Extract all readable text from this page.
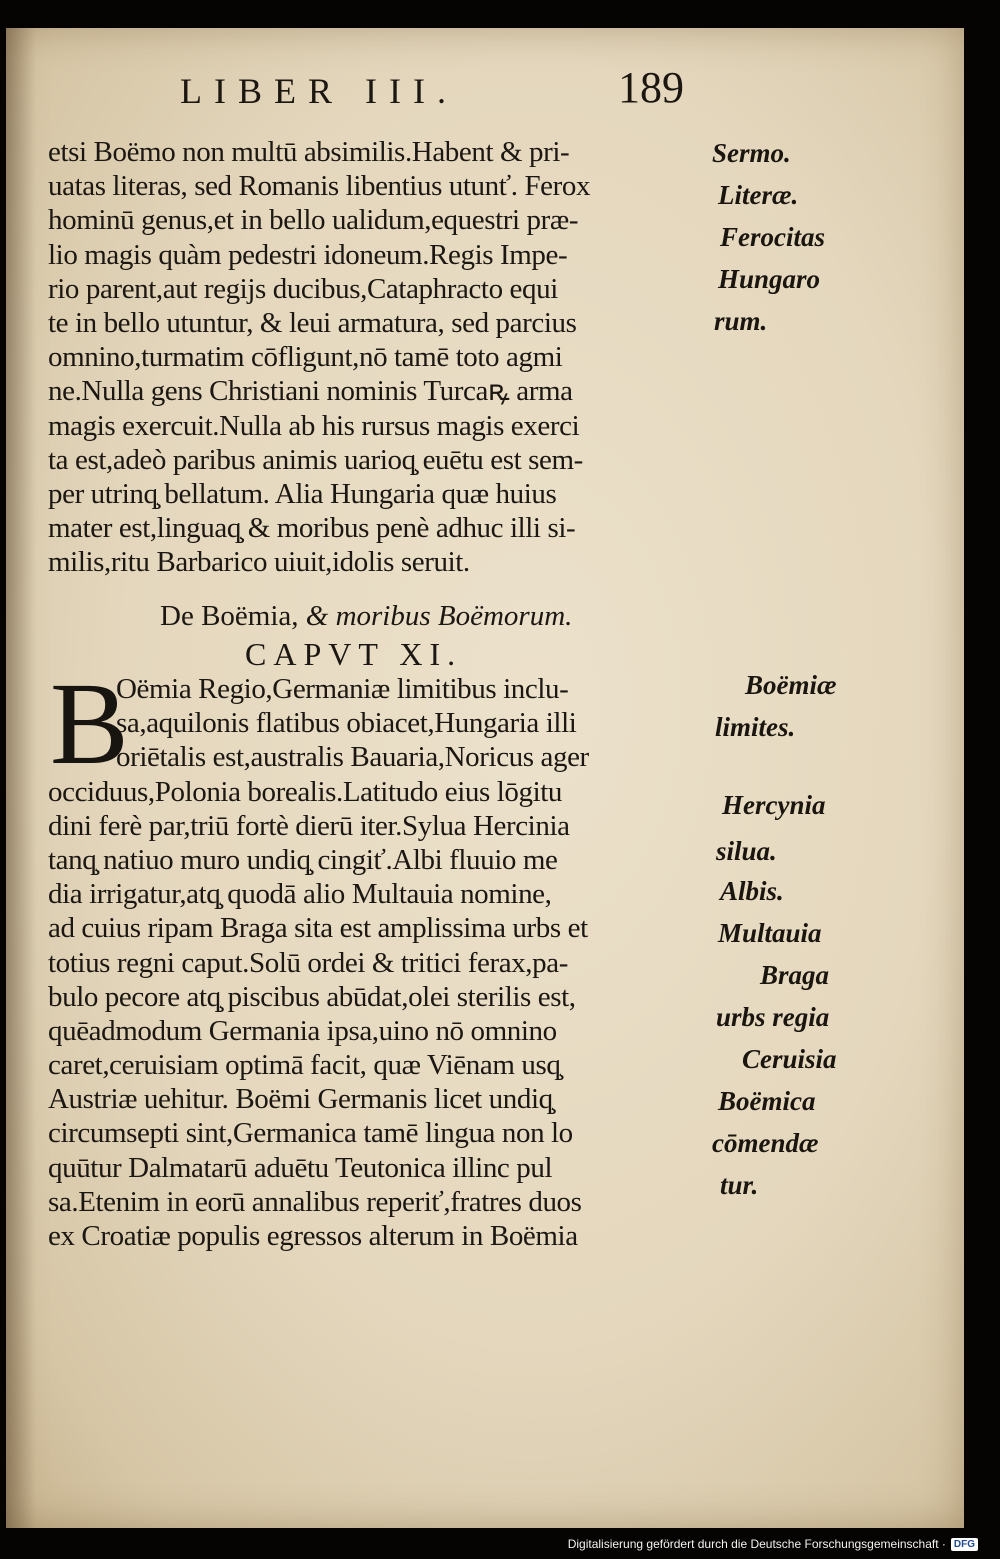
LIBER III.	189
etsi Boëmo non multū absimilis.Habent & pri-
uatas literas, sed Romanis libentius utunť. Ferox
hominū genus,et in bello ualidum,equestri præ-
lio magis quàm pedestri idoneum.Regis Impe-
rio parent,aut regijs ducibus,Cataphracto equi
te in bello utuntur, & leui armatura, sed parcius
omnino,turmatim cōfligunt,nō tamē toto agmi
ne.Nulla gens Christiani nominis Turcaꝶ arma
magis exercuit.Nulla ab his rursus magis exerci
ta est,adeò paribus animis uarioq̧ euētu est sem-
per utrinq̧ bellatum. Alia Hungaria quæ huius
mater est,linguaq̧ & moribus penè adhuc illi si-
milis,ritu Barbarico uiuit,idolis seruit.
De Boëmia, & moribus Boëmorum.
CAPVT XI.
B
Oëmia Regio,Germaniæ limitibus inclu-
sa,aquilonis flatibus obiacet,Hungaria illi
oriētalis est,australis Bauaria,Noricus ager
occiduus,Polonia borealis.Latitudo eius lōgitu
dini ferè par,triū fortè dierū iter.Sylua Hercinia
tanq̧ natiuo muro undiq̧ cingiť.Albi fluuio me
dia irrigatur,atq̧ quodā alio Multauia nomine,
ad cuius ripam Braga sita est amplissima urbs et
totius regni caput.Solū ordei & tritici ferax,pa-
bulo pecore atq̧ piscibus abūdat,olei sterilis est,
quēadmodum Germania ipsa,uino nō omnino
caret,ceruisiam optimā facit, quæ Viēnam usq̧
Austriæ uehitur. Boëmi Germanis licet undiq̧
circumsepti sint,Germanica tamē lingua non lo
quūtur Dalmatarū aduētu Teutonica illinc pul
sa.Etenim in eorū annalibus reperiť,fratres duos
ex Croatiæ populis egressos alterum in Boëmia
Sermo.
Literæ.
Ferocitas
Hungaro
rum.
Boëmiæ
limites.
Hercynia
silua.
Albis.
Multauia
Braga
urbs regia
Ceruisia
Boëmica
cōmendæ
tur.
Digitalisierung gefördert durch die Deutsche Forschungsgemeinschaft · DFG
